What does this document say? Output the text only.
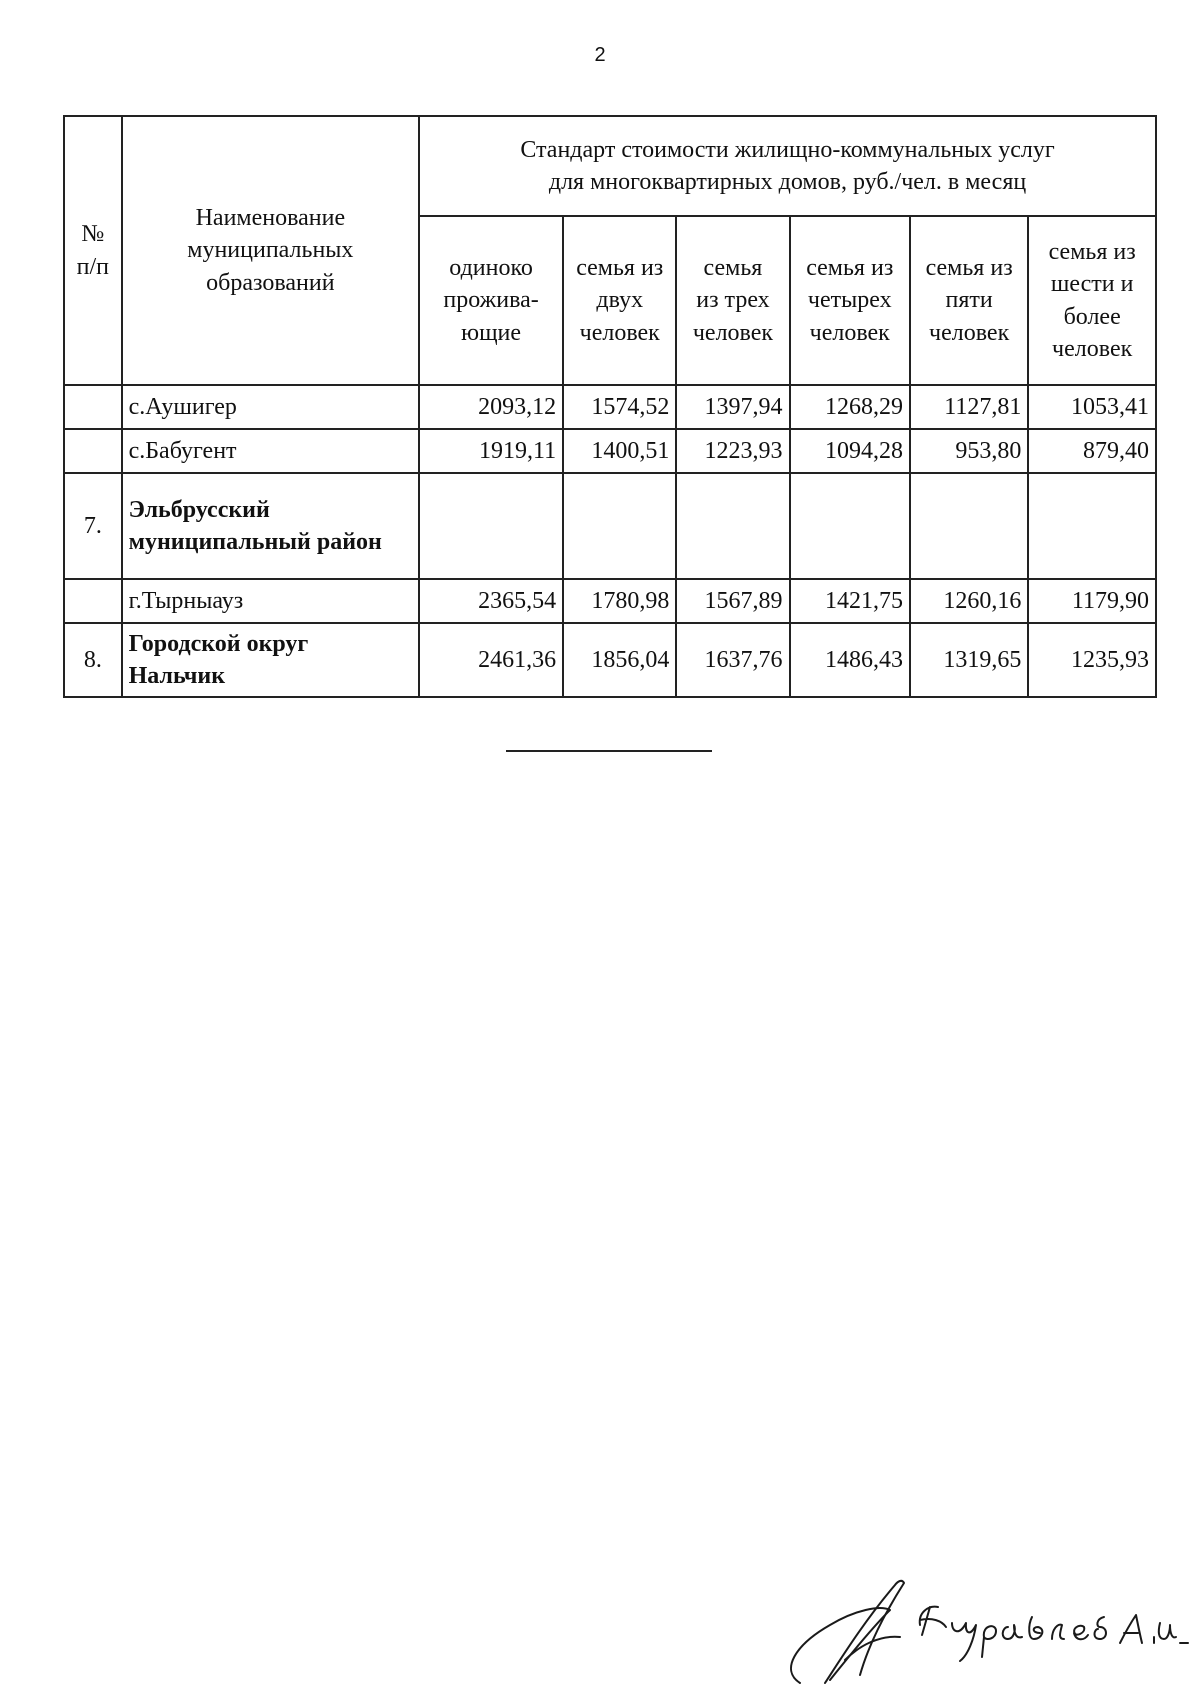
2
№
п/п	Наименование
муниципальных
образований	Стандарт стоимости жилищно-коммунальных услуг
для многоквартирных домов, руб./чел. в месяц					
		одиноко
прожива-
ющие	семья из
двух
человек	семья
из трех
человек	семья из
четырех
человек	семья из
пяти
человек	семья из
шести и
более
человек
	с.Аушигер	2093,12	1574,52	1397,94	1268,29	1127,81	1053,41
	с.Бабугент	1919,11	1400,51	1223,93	1094,28	953,80	879,40
7.	Эльбрусский
муниципальный район						
	г.Тырныауз	2365,54	1780,98	1567,89	1421,75	1260,16	1179,90
8.	Городской округ
Нальчик	2461,36	1856,04	1637,76	1486,43	1319,65	1235,93
